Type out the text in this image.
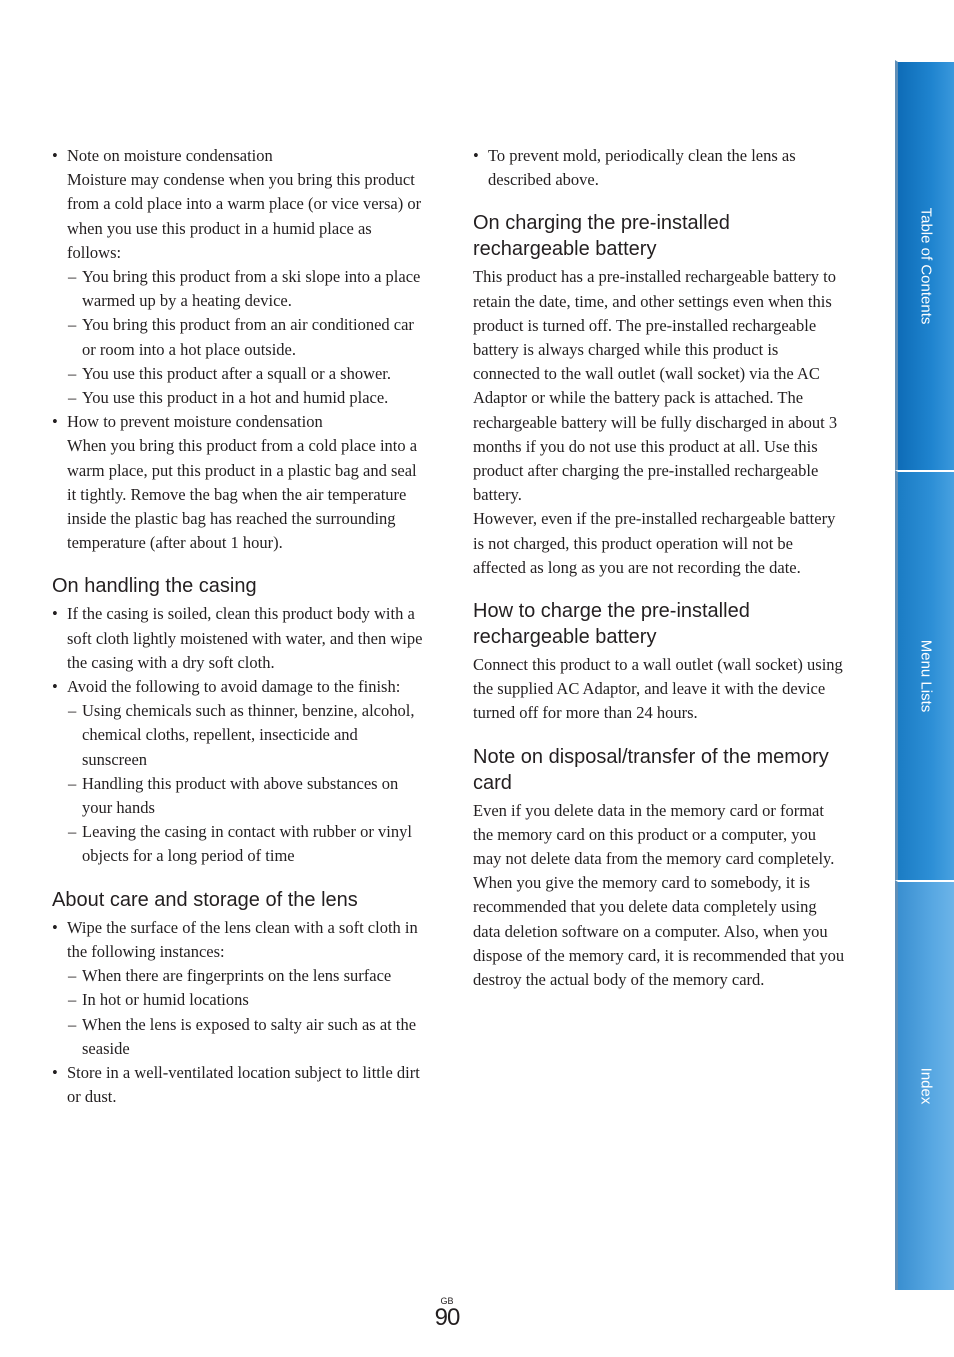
• Note on moisture condensation
Moisture may condense when you bring this product from a cold place into a warm place (or vice versa) or when you use this product in a humid place as follows:
– You bring this product from a ski slope into a place warmed up by a heating device.
– You bring this product from an air conditioned car or room into a hot place outside.
– You use this product after a squall or a shower.
– You use this product in a hot and humid place.
• How to prevent moisture condensation
When you bring this product from a cold place into a warm place, put this product in a plastic bag and seal it tightly. Remove the bag when the air temperature inside the plastic bag has reached the surrounding temperature (after about 1 hour).
On handling the casing
• If the casing is soiled, clean this product body with a soft cloth lightly moistened with water, and then wipe the casing with a dry soft cloth.
• Avoid the following to avoid damage to the finish:
– Using chemicals such as thinner, benzine, alcohol, chemical cloths, repellent, insecticide and sunscreen
– Handling this product with above substances on your hands
– Leaving the casing in contact with rubber or vinyl objects for a long period of time
About care and storage of the lens
• Wipe the surface of the lens clean with a soft cloth in the following instances:
– When there are fingerprints on the lens surface
– In hot or humid locations
– When the lens is exposed to salty air such as at the seaside
• Store in a well-ventilated location subject to little dirt or dust.
• To prevent mold, periodically clean the lens as described above.
On charging the pre-installed rechargeable battery

This product has a pre-installed rechargeable battery to retain the date, time, and other settings even when this product is turned off. The pre-installed rechargeable battery is always charged while this product is connected to the wall outlet (wall socket) via the AC Adaptor or while the battery pack is attached. The rechargeable battery will be fully discharged in about 3 months if you do not use this product at all. Use this product after charging the pre-installed rechargeable battery.

However, even if the pre-installed rechargeable battery is not charged, this product operation will not be affected as long as you are not recording the date.

How to charge the pre-installed rechargeable battery

Connect this product to a wall outlet (wall socket) using the supplied AC Adaptor, and leave it with the device turned off for more than 24 hours.

Note on disposal/transfer of the memory card

Even if you delete data in the memory card or format the memory card on this product or a computer, you may not delete data from the memory card completely. When you give the memory card to somebody, it is recommended that you delete data completely using data deletion software on a computer. Also, when you dispose of the memory card, it is recommended that you destroy the actual body of the memory card.

Table of Contents
Menu Lists
Index
GB
90
